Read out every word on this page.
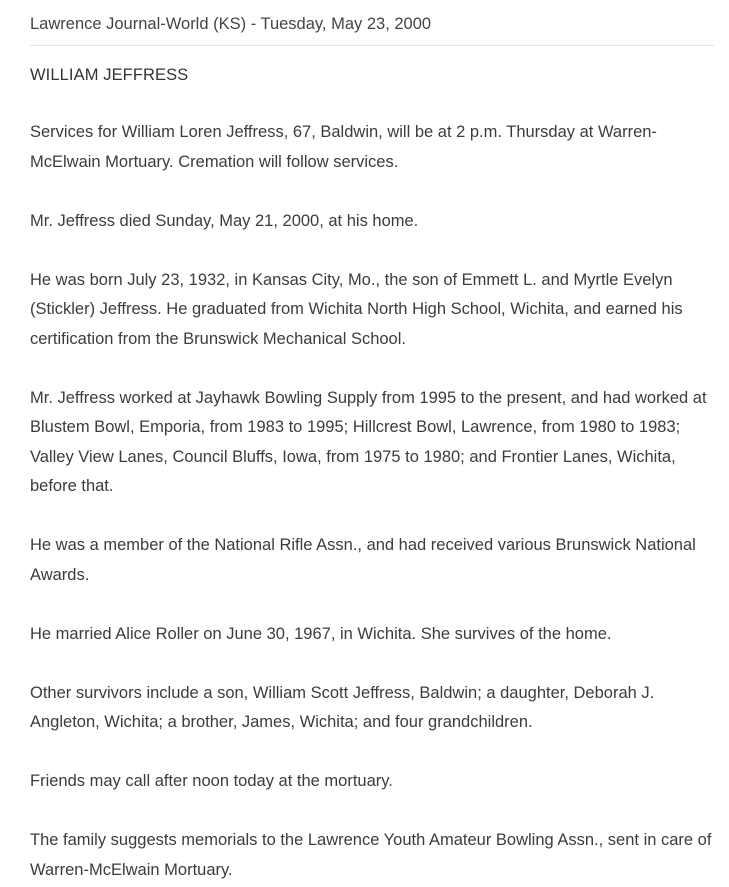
Lawrence Journal-World (KS) - Tuesday, May 23, 2000
WILLIAM JEFFRESS

Services for William Loren Jeffress, 67, Baldwin, will be at 2 p.m. Thursday at Warren-McElwain Mortuary. Cremation will follow services.

Mr. Jeffress died Sunday, May 21, 2000, at his home.

He was born July 23, 1932, in Kansas City, Mo., the son of Emmett L. and Myrtle Evelyn (Stickler) Jeffress. He graduated from Wichita North High School, Wichita, and earned his certification from the Brunswick Mechanical School.

Mr. Jeffress worked at Jayhawk Bowling Supply from 1995 to the present, and had worked at Blustem Bowl, Emporia, from 1983 to 1995; Hillcrest Bowl, Lawrence, from 1980 to 1983; Valley View Lanes, Council Bluffs, Iowa, from 1975 to 1980; and Frontier Lanes, Wichita, before that.

He was a member of the National Rifle Assn., and had received various Brunswick National Awards.

He married Alice Roller on June 30, 1967, in Wichita. She survives of the home.

Other survivors include a son, William Scott Jeffress, Baldwin; a daughter, Deborah J. Angleton, Wichita; a brother, James, Wichita; and four grandchildren.

Friends may call after noon today at the mortuary.

The family suggests memorials to the Lawrence Youth Amateur Bowling Assn., sent in care of Warren-McElwain Mortuary.
